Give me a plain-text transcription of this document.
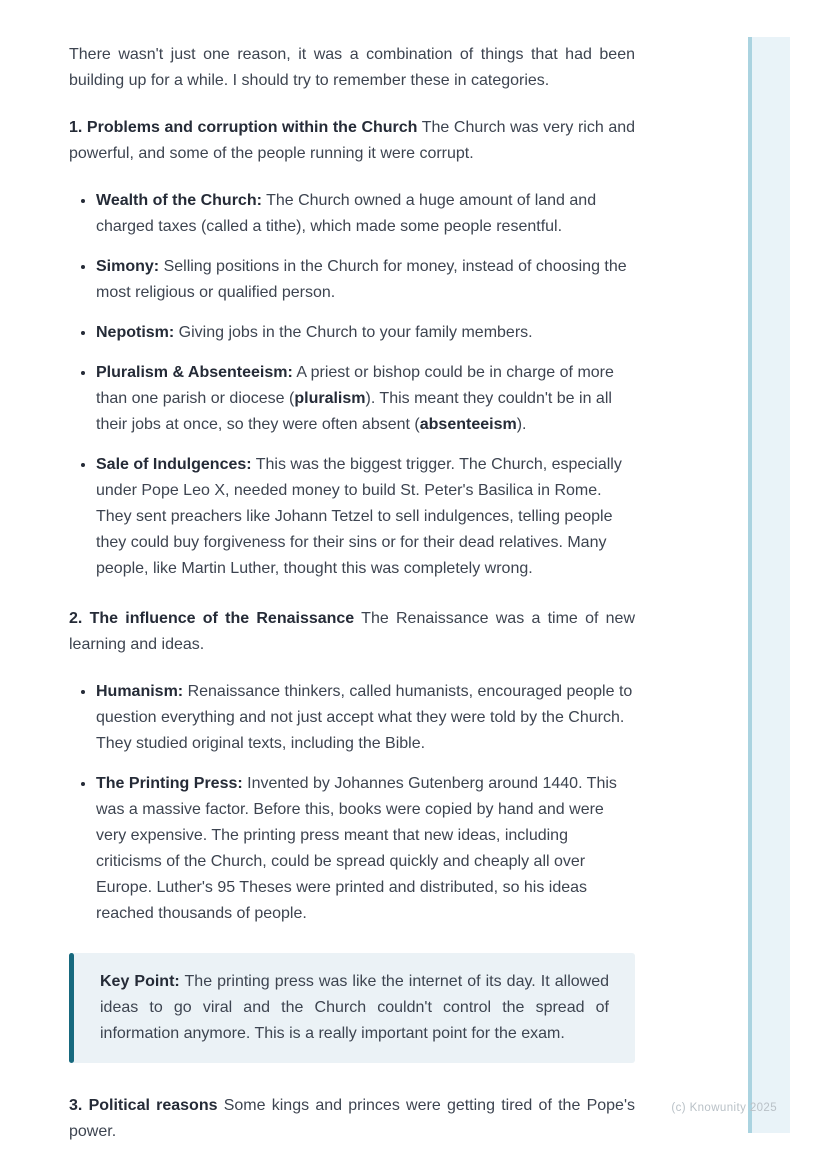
There wasn't just one reason, it was a combination of things that had been building up for a while. I should try to remember these in categories.

1. Problems and corruption within the Church The Church was very rich and powerful, and some of the people running it were corrupt.

• Wealth of the Church: The Church owned a huge amount of land and charged taxes (called a tithe), which made some people resentful.
• Simony: Selling positions in the Church for money, instead of choosing the most religious or qualified person.
• Nepotism: Giving jobs in the Church to your family members.
• Pluralism & Absenteeism: A priest or bishop could be in charge of more than one parish or diocese (pluralism). This meant they couldn't be in all their jobs at once, so they were often absent (absenteeism).
• Sale of Indulgences: This was the biggest trigger. The Church, especially under Pope Leo X, needed money to build St. Peter's Basilica in Rome. They sent preachers like Johann Tetzel to sell indulgences, telling people they could buy forgiveness for their sins or for their dead relatives. Many people, like Martin Luther, thought this was completely wrong.

2. The influence of the Renaissance The Renaissance was a time of new learning and ideas.

• Humanism: Renaissance thinkers, called humanists, encouraged people to question everything and not just accept what they were told by the Church. They studied original texts, including the Bible.
• The Printing Press: Invented by Johannes Gutenberg around 1440. This was a massive factor. Before this, books were copied by hand and were very expensive. The printing press meant that new ideas, including criticisms of the Church, could be spread quickly and cheaply all over Europe. Luther's 95 Theses were printed and distributed, so his ideas reached thousands of people.

Key Point: The printing press was like the internet of its day. It allowed ideas to go viral and the Church couldn't control the spread of information anymore. This is a really important point for the exam.

3. Political reasons Some kings and princes were getting tired of the Pope's power.

(c) Knowunity 2025
